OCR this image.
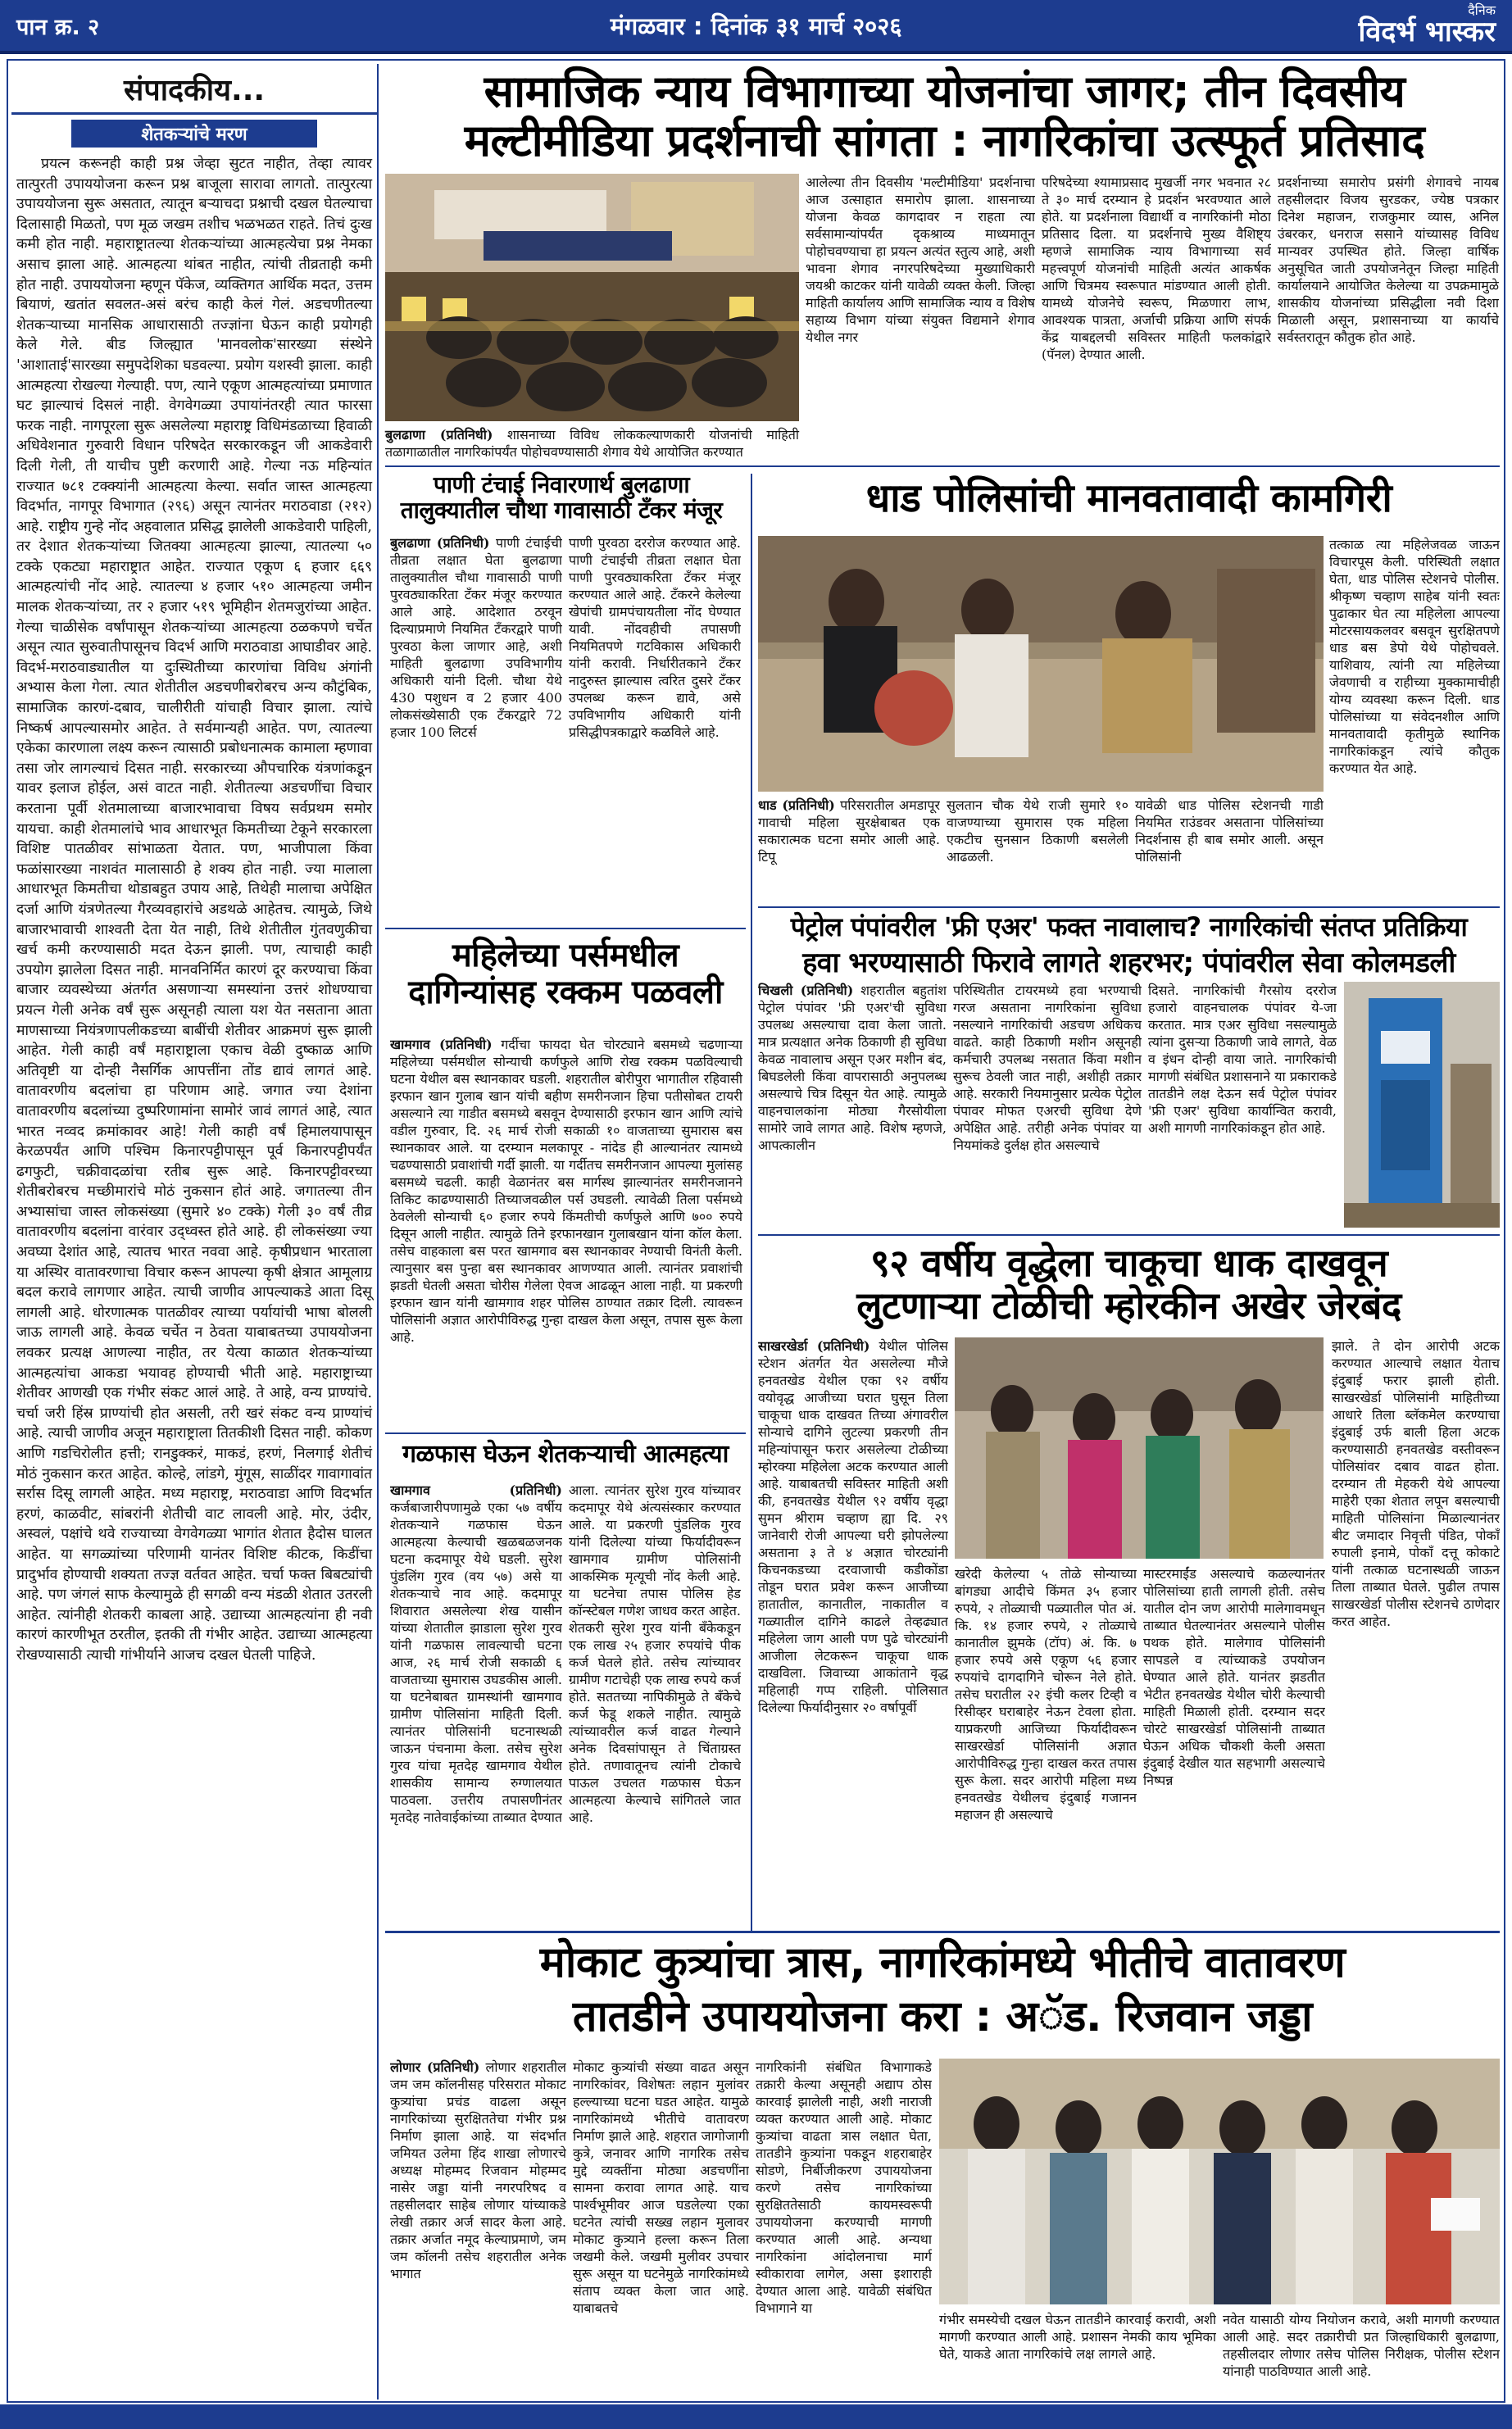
पान क्र. २	मंगळवार : दिनांक ३१ मार्च २०२६
दैनिक
विदर्भ भास्कर
संपादकीय...
शेतकऱ्यांचे मरण
प्रयत्न करूनही काही प्रश्न जेव्हा सुटत नाहीत, तेव्हा त्यावर तात्पुरती उपाययोजना करून प्रश्न बाजूला सारावा लागतो. तात्पुरत्या उपाययोजना सुरू असतात, त्यातून बऱ्याचदा प्रश्नाची दखल घेतल्याचा दिलासाही मिळतो, पण मूळ जखम तशीच भळभळत राहते. तिचं दुःख कमी होत नाही. महाराष्ट्रातल्या शेतकऱ्यांच्या आत्महत्येचा प्रश्न नेमका असाच झाला आहे. आत्महत्या थांबत नाहीत, त्यांची तीव्रताही कमी होत नाही. उपाययोजना म्हणून पॅकेज, व्यक्तिगत आर्थिक मदत, उत्तम बियाणं, खतांत सवलत-असं बरंच काही केलं गेलं. अडचणीतल्या शेतकऱ्याच्या मानसिक आधारासाठी तज्ज्ञांना घेऊन काही प्रयोगही केले गेले. बीड जिल्ह्यात 'मानवलोक'सारख्या संस्थेने 'आशाताई'सारख्या समुपदेशिका घडवल्या. प्रयोग यशस्वी झाला. काही आत्महत्या रोखल्या गेल्याही. पण, त्याने एकूण आत्महत्यांच्या प्रमाणात घट झाल्याचं दिसलं नाही. वेगवेगळ्या उपायांनंतरही त्यात फारसा फरक नाही. नागपूरला सुरू असलेल्या महाराष्ट्र विधिमंडळाच्या हिवाळी अधिवेशनात गुरुवारी विधान परिषदेत सरकारकडून जी आकडेवारी दिली गेली, ती याचीच पुष्टी करणारी आहे. गेल्या नऊ महिन्यांत राज्यात ७८१ टक्क्यांनी आत्महत्या केल्या. सर्वात जास्त आत्महत्या विदर्भात, नागपूर विभागात (२९६) असून त्यानंतर मराठवाडा (२१२) आहे. राष्ट्रीय गुन्हे नोंद अहवालात प्रसिद्ध झालेली आकडेवारी पाहिली, तर देशात शेतकऱ्यांच्या जितक्या आत्महत्या झाल्या, त्यातल्या ५० टक्के एकट्या महाराष्ट्रात आहेत. राज्यात एकूण ६ हजार ६६९ आत्महत्यांची नोंद आहे. त्यातल्या ४ हजार ५१० आत्महत्या जमीन मालक शेतकऱ्यांच्या, तर २ हजार ५१९ भूमिहीन शेतमजुरांच्या आहेत. गेल्या चाळीसेक वर्षांपासून शेतकऱ्यांच्या आत्महत्या ठळकपणे चर्चेत असून त्यात सुरुवातीपासूनच विदर्भ आणि मराठवाडा आघाडीवर आहे. विदर्भ-मराठवाड्यातील या दुःस्थितीच्या कारणांचा विविध अंगांनी अभ्यास केला गेला. त्यात शेतीतील अडचणीबरोबरच अन्य कौटुंबिक, सामाजिक कारणं-दबाव, चालीरीती यांचाही विचार झाला. त्यांचे निष्कर्ष आपल्यासमोर आहेत. ते सर्वमान्यही आहेत. पण, त्यातल्या एकेका कारणाला लक्ष्य करून त्यासाठी प्रबोधनात्मक कामाला म्हणावा तसा जोर लागल्याचं दिसत नाही. सरकारच्या औपचारिक यंत्रणांकडून यावर इलाज होईल, असं वाटत नाही. शेतीतल्या अडचणींचा विचार करताना पूर्वी शेतमालाच्या बाजारभावाचा विषय सर्वप्रथम समोर यायचा. काही शेतमालांचे भाव आधारभूत किमतीच्या टेकूने सरकारला विशिष्ट पातळीवर सांभाळता येतात. पण, भाजीपाला किंवा फळांसारख्या नाशवंत मालासाठी हे शक्य होत नाही. ज्या मालाला आधारभूत किमतीचा थोडाबहुत उपाय आहे, तिथेही मालाचा अपेक्षित दर्जा आणि यंत्रणेतल्या गैरव्यवहारांचे अडथळे आहेतच. त्यामुळे, जिथे बाजारभावाची शाश्वती देता येत नाही, तिथे शेतीतील गुंतवणुकीचा खर्च कमी करण्यासाठी मदत देऊन झाली. पण, त्याचाही काही उपयोग झालेला दिसत नाही. मानवनिर्मित कारणं दूर करण्याचा किंवा बाजार व्यवस्थेच्या अंतर्गत असणाऱ्या समस्यांना उत्तरं शोधण्याचा प्रयत्न गेली अनेक वर्षं सुरू असूनही त्याला यश येत नसताना आता माणसाच्या नियंत्रणापलीकडच्या बाबींची शेतीवर आक्रमणं सुरू झाली आहेत. गेली काही वर्षं महाराष्ट्राला एकाच वेळी दुष्काळ आणि अतिवृष्टी या दोन्ही नैसर्गिक आपत्तींना तोंड द्यावं लागतं आहे. वातावरणीय बदलांचा हा परिणाम आहे. जगात ज्या देशांना वातावरणीय बदलांच्या दुष्परिणामांना सामोरं जावं लागतं आहे, त्यात भारत नव्वद क्रमांकावर आहे! गेली काही वर्षं हिमालयापासून केरळपर्यंत आणि पश्चिम किनारपट्टीपासून पूर्व किनारपट्टीपर्यंत ढगफुटी, चक्रीवादळांचा रतीब सुरू आहे. किनारपट्टीवरच्या शेतीबरोबरच मच्छीमारांचे मोठं नुकसान होतं आहे. जगातल्या तीन अभ्यासांचा जास्त लोकसंख्या (सुमारे ४० टक्के) गेली ३० वर्षं तीव्र वातावरणीय बदलांना वारंवार उद्ध्वस्त होते आहे. ही लोकसंख्या ज्या अवघ्या देशांत आहे, त्यातच भारत नववा आहे. कृषीप्रधान भारताला या अस्थिर वातावरणाचा विचार करून आपल्या कृषी क्षेत्रात आमूलाग्र बदल करावे लागणार आहेत. त्याची जाणीव आपल्याकडे आता दिसू लागली आहे. धोरणात्मक पातळीवर त्याच्या पर्यायांची भाषा बोलली जाऊ लागली आहे. केवळ चर्चेत न ठेवता याबाबतच्या उपाययोजना लवकर प्रत्यक्ष आणल्या नाहीत, तर येत्या काळात शेतकऱ्यांच्या आत्महत्यांचा आकडा भयावह होण्याची भीती आहे. महाराष्ट्राच्या शेतीवर आणखी एक गंभीर संकट आलं आहे. ते आहे, वन्य प्राण्यांचे. चर्चा जरी हिंस्र प्राण्यांची होत असली, तरी खरं संकट वन्य प्राण्यांचं आहे. त्याची जाणीव अजून महाराष्ट्राला तितकीशी दिसत नाही. कोकण आणि गडचिरोलीत हत्ती; रानडुक्करं, माकडं, हरणं, निलगाई शेतीचं मोठं नुकसान करत आहेत. कोल्हे, लांडगे, मुंगूस, साळींदर गावागावांत सर्रास दिसू लागली आहेत. मध्य महाराष्ट्र, मराठवाडा आणि विदर्भात हरणं, काळवीट, सांबरांनी शेतीची वाट लावली आहे. मोर, उंदीर, अस्वलं, पक्षांचे थवे राज्याच्या वेगवेगळ्या भागांत शेतात हैदोस घालत आहेत. या सगळ्यांच्या परिणामी यानंतर विशिष्ट कीटक, किडींचा प्रादुर्भाव होण्याची शक्यता तज्ज्ञ वर्तवत आहेत. चर्चा फक्त बिबट्यांची आहे. पण जंगलं साफ केल्यामुळे ही सगळी वन्य मंडळी शेतात उतरली आहेत. त्यांनीही शेतकरी काबला आहे. उद्याच्या आत्महत्यांना ही नवी कारणं कारणीभूत ठरतील, इतकी ती गंभीर आहेत. उद्याच्या आत्महत्या रोखण्यासाठी त्याची गांभीर्याने आजच दखल घेतली पाहिजे.
सामाजिक न्याय विभागाच्या योजनांचा जागर; तीन दिवसीय
मल्टीमीडिया प्रदर्शनाची सांगता : नागरिकांचा उत्स्फूर्त प्रतिसाद
बुलढाणा (प्रतिनिधी) शासनाच्या विविध लोककल्याणकारी योजनांची माहिती तळागाळातील नागरिकांपर्यंत पोहोचवण्यासाठी शेगाव येथे आयोजित करण्यात
आलेल्या तीन दिवसीय 'मल्टीमीडिया' प्रदर्शनाचा आज उत्साहात समारोप झाला. शासनाच्या योजना केवळ कागदावर न राहता त्या सर्वसामान्यांपर्यंत दृकश्राव्य माध्यमातून पोहोचवण्याचा हा प्रयत्न अत्यंत स्तुत्य आहे, अशी भावना शेगाव नगरपरिषदेच्या मुख्याधिकारी जयश्री काटकर यांनी यावेळी व्यक्त केली. जिल्हा माहिती कार्यालय आणि सामाजिक न्याय व विशेष सहाय्य विभाग यांच्या संयुक्त विद्यमाने शेगाव येथील नगर
परिषदेच्या श्यामाप्रसाद मुखर्जी नगर भवनात २८ ते ३० मार्च दरम्यान हे प्रदर्शन भरवण्यात आले होते. या प्रदर्शनाला विद्यार्थी व नागरिकांनी मोठा प्रतिसाद दिला. या प्रदर्शनाचे मुख्य वैशिष्ट्य म्हणजे सामाजिक न्याय विभागाच्या सर्व महत्त्वपूर्ण योजनांची माहिती अत्यंत आकर्षक आणि चित्रमय स्वरूपात मांडण्यात आली होती. यामध्ये योजनेचे स्वरूप, मिळणारा लाभ, आवश्यक पात्रता, अर्जाची प्रक्रिया आणि संपर्क केंद्र याबद्दलची सविस्तर माहिती फलकांद्वारे (पॅनल) देण्यात आली.
प्रदर्शनाच्या समारोप प्रसंगी शेगावचे नायब तहसीलदार विजय सुरडकर, ज्येष्ठ पत्रकार दिनेश महाजन, राजकुमार व्यास, अनिल उंबरकर, धनराज ससाने यांच्यासह विविध मान्यवर उपस्थित होते. जिल्हा वार्षिक अनुसूचित जाती उपयोजनेतून जिल्हा माहिती कार्यालयाने आयोजित केलेल्या या उपक्रमामुळे शासकीय योजनांच्या प्रसिद्धीला नवी दिशा मिळाली असून, प्रशासनाच्या या कार्याचे सर्वस्तरातून कौतुक होत आहे.
पाणी टंचाई निवारणार्थ बुलढाणा तालुक्यातील चौथा गावासाठी टँकर मंजूर
बुलढाणा (प्रतिनिधी) पाणी टंचाईची तीव्रता लक्षात घेता बुलढाणा तालुक्यातील चौथा गावासाठी पाणी पुरवठ्याकरिता टँकर मंजूर करण्यात आले आहे. आदेशात ठरवून दिल्याप्रमाणे नियमित टँकरद्वारे पाणी पुरवठा केला जाणार आहे, अशी माहिती बुलढाणा उपविभागीय अधिकारी यांनी दिली. चौथा येथे 430 पशुधन व 2 हजार 400 लोकसंख्येसाठी एक टँकरद्वारे 72 हजार 100 लिटर्स
पाणी पुरवठा दररोज करण्यात आहे. पाणी टंचाईची तीव्रता लक्षात घेता पाणी पुरवठ्याकरिता टँकर मंजूर करण्यात आले आहे. टँकरने केलेल्या खेपांची ग्रामपंचायतीला नोंद घेण्यात यावी. नोंदवहीची तपासणी नियमितपणे गटविकास अधिकारी यांनी करावी. निर्धारीतकाने टँकर नादुरुस्त झाल्यास त्वरित दुसरे टँकर उपलब्ध करून द्यावे, असे उपविभागीय अधिकारी यांनी प्रसिद्धीपत्रकाद्वारे कळविले आहे.
महिलेच्या पर्समधील
दागिन्यांसह रक्कम पळवली
खामगाव (प्रतिनिधी) गर्दीचा फायदा घेत चोरट्याने बसमध्ये चढणाऱ्या महिलेच्या पर्समधील सोन्याची कर्णफुले आणि रोख रक्कम पळविल्याची घटना येथील बस स्थानकावर घडली. शहरातील बोरीपुरा भागातील रहिवासी इरफान खान गुलाब खान यांची बहीण समरीनजान हिचा पतीसोबत टायरी असल्याने त्या गाडीत बसमध्ये बसवून देण्यासाठी इरफान खान आणि त्यांचे वडील गुरुवार, दि. २६ मार्च रोजी सकाळी १० वाजताच्या सुमारास बस स्थानकावर आले. या दरम्यान मलकापूर - नांदेड ही आल्यानंतर त्यामध्ये चढण्यासाठी प्रवाशांची गर्दी झाली. या गर्दीतच समरीनजान आपल्या मुलांसह बसमध्ये चढली. काही वेळानंतर बस मार्गस्थ झाल्यानंतर समरीनजानने तिकिट काढण्यासाठी तिच्याजवळील पर्स उघडली. त्यावेळी तिला पर्समध्ये ठेवलेली सोन्याची ६० हजार रुपये किंमतीची कर्णफुले आणि ७०० रुपये दिसून आली नाहीत. त्यामुळे तिने इरफानखान गुलाबखान यांना कॉल केला. तसेच वाहकाला बस परत खामगाव बस स्थानकावर नेण्याची विनंती केली. त्यानुसार बस पुन्हा बस स्थानकावर आणण्यात आली. त्यानंतर प्रवाशांची झडती घेतली असता चोरीस गेलेला ऐवज आढळून आला नाही. या प्रकरणी इरफान खान यांनी खामगाव शहर पोलिस ठाण्यात तक्रार दिली. त्यावरून पोलिसांनी अज्ञात आरोपीविरुद्ध गुन्हा दाखल केला असून, तपास सुरू केला आहे.
गळफास घेऊन शेतकऱ्याची आत्महत्या
खामगाव (प्रतिनिधी) कर्जबाजारीपणामुळे एका ५७ वर्षीय शेतकऱ्याने गळफास घेऊन आत्महत्या केल्याची खळबळजनक घटना कदमापूर येथे घडली. सुरेश पुंडलिंग गुरव (वय ५७) असे या शेतकऱ्याचे नाव आहे. कदमापूर शिवारात असलेल्या शेख यासीन यांच्या शेतातील झाडाला सुरेश गुरव यांनी गळफास लावल्याची घटना आज, २६ मार्च रोजी सकाळी ६ वाजताच्या सुमारास उघडकीस आली. या घटनेबाबत ग्रामस्थांनी खामगाव ग्रामीण पोलिसांना माहिती दिली. त्यानंतर पोलिसांनी घटनास्थळी जाऊन पंचनामा केला. तसेच सुरेश गुरव यांचा मृतदेह खामगाव येथील शासकीय सामान्य रुग्णालयात पाठवला. उत्तरीय तपासणीनंतर मृतदेह नातेवाईकांच्या ताब्यात देण्यात
आला. त्यानंतर सुरेश गुरव यांच्यावर कदमापूर येथे अंत्यसंस्कार करण्यात आले. या प्रकरणी पुंडलिक गुरव यांनी दिलेल्या यांच्या फिर्यादीवरून खामगाव ग्रामीण पोलिसांनी आकस्मिक मृत्यूची नोंद केली आहे. या घटनेचा तपास पोलिस हेड कॉन्स्टेबल गणेश जाधव करत आहेत. शेतकरी सुरेश गुरव यांनी बँकेकडून एक लाख २५ हजार रुपयांचे पीक कर्ज घेतले होते. तसेच त्यांच्यावर ग्रामीण गटाचेही एक लाख रुपये कर्ज होते. सततच्या नापिकीमुळे ते बँकेचे कर्ज फेडू शकले नाहीत. त्यामुळे त्यांच्यावरील कर्ज वाढत गेल्याने अनेक दिवसांपासून ते चिंताग्रस्त होते. तणावातूनच त्यांनी टोकाचे पाऊल उचलत गळफास घेऊन आत्महत्या केल्याचे सांगितले जात आहे.
धाड पोलिसांची मानवतावादी कामगिरी
धाड (प्रतिनिधी) परिसरातील अमडापूर गावाची महिला सुरक्षेबाबत एक सकारात्मक घटना समोर आली आहे. टिपू
सुलतान चौक येथे राजी सुमारे १० वाजण्याच्या सुमारास एक महिला एकटीच सुनसान ठिकाणी बसलेली आढळली.
यावेळी धाड पोलिस स्टेशनची गाडी नियमित राउंडवर असताना पोलिसांच्या निदर्शनास ही बाब समोर आली. असून पोलिसांनी
तत्काळ त्या महिलेजवळ जाऊन विचारपूस केली. परिस्थिती लक्षात घेता, धाड पोलिस स्टेशनचे पोलीस. श्रीकृष्ण चव्हाण साहेब यांनी स्वतः पुढाकार घेत त्या महिलेला आपल्या मोटरसायकलवर बसवून सुरक्षितपणे धाड बस डेपो येथे पोहोचवले. याशिवाय, त्यांनी त्या महिलेच्या जेवणाची व राहीच्या मुक्कामाचीही योग्य व्यवस्था करून दिली. धाड पोलिसांच्या या संवेदनशील आणि मानवतावादी कृतीमुळे स्थानिक नागरिकांकडून त्यांचे कौतुक करण्यात येत आहे.
पेट्रोल पंपांवरील 'फ्री एअर' फक्त नावालाच? नागरिकांची संतप्त प्रतिक्रिया
हवा भरण्यासाठी फिरावे लागते शहरभर; पंपांवरील सेवा कोलमडली
चिखली (प्रतिनिधी) शहरातील बहुतांश पेट्रोल पंपांवर 'फ्री एअर'ची सुविधा उपलब्ध असल्याचा दावा केला जातो. मात्र प्रत्यक्षात अनेक ठिकाणी ही सुविधा केवळ नावालाच असून एअर मशीन बंद, बिघडलेली किंवा वापरासाठी अनुपलब्ध असल्याचे चित्र दिसून येत आहे. त्यामुळे वाहनचालकांना मोठ्या गैरसोयीला सामोरे जावे लागत आहे. विशेष म्हणजे, आपत्कालीन
परिस्थितीत टायरमध्ये हवा भरण्याची गरज असताना नागरिकांना सुविधा नसल्याने नागरिकांची अडचण अधिकच वाढते. काही ठिकाणी मशीन असूनही कर्मचारी उपलब्ध नसतात किंवा मशीन सुरूच ठेवली जात नाही, अशीही तक्रार आहे. सरकारी नियमानुसार प्रत्येक पेट्रोल पंपावर मोफत एअरची सुविधा देणे अपेक्षित आहे. तरीही अनेक पंपांवर या नियमांकडे दुर्लक्ष होत असल्याचे
दिसते. नागरिकांची गैरसोय दररोज हजारो वाहनचालक पंपांवर ये-जा करतात. मात्र एअर सुविधा नसल्यामुळे त्यांना दुसऱ्या ठिकाणी जावे लागते, वेळ व इंधन दोन्ही वाया जाते. नागरिकांची मागणी संबंधित प्रशासनाने या प्रकाराकडे तातडीने लक्ष देऊन सर्व पेट्रोल पंपांवर 'फ्री एअर' सुविधा कार्यान्वित करावी, अशी मागणी नागरिकांकडून होत आहे.
९२ वर्षीय वृद्धेला चाकूचा धाक दाखवून
लुटणाऱ्या टोळीची म्होरकीन अखेर जेरबंद
साखरखेर्डा (प्रतिनिधी) येथील पोलिस स्टेशन अंतर्गत येत असलेल्या मौजे हनवतखेड येथील एका ९२ वर्षीय वयोवृद्ध आजीच्या घरात घुसून तिला चाकूचा धाक दाखवत तिच्या अंगावरील सोन्याचे दागिने लुटल्या प्रकरणी तीन महिन्यांपासून फरार असलेल्या टोळीच्या म्होरक्या महिलेला अटक करण्यात आली आहे. याबाबतची सविस्तर माहिती अशी की, हनवतखेड येथील ९२ वर्षीय वृद्धा सुमन श्रीराम चव्हाण ह्या दि. २९ जानेवारी रोजी आपल्या घरी झोपलेल्या असताना ३ ते ४ अज्ञात चोरट्यांनी किचनकडच्या दरवाजाची कडीकोंडा तोडून घरात प्रवेश करून आजीच्या हातातील, कानातील, नाकातील व गळ्यातील दागिने काढले तेव्हढ्यात महिलेला जाग आली पण पुढे चोरट्यांनी आजीला लेटकरून चाकूचा धाक दाखविला. जिवाच्या आकांताने वृद्ध महिलाही गप्प राहिली. पोलिसात दिलेल्या फिर्यादीनुसार २० वर्षापूर्वी
खरेदी केलेल्या ५ तोळे सोन्याच्या बांगड्या आदीचे किंमत ३५ हजार रुपये, २ तोळ्याची पळ्यातील पोत अं. कि. १४ हजार रुपये, २ तोळ्याचे कानातील झुमके (टॉप) अं. कि. ७ हजार रुपये असे एकूण ५६ हजार रुपयांचे दागदागिने चोरून नेले होते. तसेच घरातील २२ इंची कलर टिव्ही व रिसीव्हर घराबाहेर नेऊन टेवला होता. याप्रकरणी आजिच्या फिर्यादीवरून साखरखेर्डा पोलिसांनी अज्ञात आरोपीविरुद्ध गुन्हा दाखल करत तपास सुरू केला. सदर आरोपी महिला मध्य हनवतखेड येथीलच इंदुबाई गजानन महाजन ही असल्याचे
मास्टरमाईंड असल्याचे कळल्यानंतर पोलिसांच्या हाती लागली होती. तसेच यातील दोन जण आरोपी मालेगावमधून ताब्यात घेतल्यानंतर असल्याने पोलीस पथक होते. मालेगाव पोलिसांनी सापडले व त्यांच्याकडे उपयोजन घेण्यात आले होते. यानंतर झडतीत भेटीत हनवतखेड येथील चोरी केल्याची माहिती मिळाली होती. दरम्यान सदर चोरटे साखरखेर्डा पोलिसांनी ताब्यात घेऊन अधिक चौकशी केली असता इंदुबाई देखील यात सहभागी असल्याचे निष्पन्न
झाले. ते दोन आरोपी अटक करण्यात आल्याचे लक्षात येताच इंदुबाई फरार झाली होती. साखरखेर्डा पोलिसांनी माहितीच्या आधारे तिला ब्लॅकमेल करण्याचा इंदुबाई उर्फ बाली हिला अटक करण्यासाठी हनवतखेड वस्तीवरून पोलिसांवर दबाव वाढत होता. दरम्यान ती मेहकरी येथे आपल्या माहेरी एका शेतात लपून बसल्याची माहिती पोलिसांना मिळाल्यानंतर बीट जमादार निवृत्ती पंडित, पोकॉं रुपाली इनामे, पोकॉं दत्तू कोकाटे यांनी तत्काळ घटनास्थळी जाऊन तिला ताब्यात घेतले. पुढील तपास साखरखेर्डा पोलीस स्टेशनचे ठाणेदार करत आहेत.
मोकाट कुत्र्यांचा त्रास, नागरिकांमध्ये भीतीचे वातावरण
तातडीने उपाययोजना करा : अॅड. रिजवान जड्डा
लोणार (प्रतिनिधी) लोणार शहरातील जम जम कॉलनीसह परिसरात मोकाट कुत्र्यांचा प्रचंड वाढला असून नागरिकांच्या सुरक्षिततेचा गंभीर प्रश्न निर्माण झाला आहे. या संदर्भात जमियत उलेमा हिंद शाखा लोणारचे अध्यक्ष मोहम्मद रिजवान मोहम्मद नासेर जड्डा यांनी नगरपरिषद व तहसीलदार साहेब लोणार यांच्याकडे लेखी तक्रार अर्ज सादर केला आहे. तक्रार अर्जात नमूद केल्याप्रमाणे, जम जम कॉलनी तसेच शहरातील अनेक भागात
मोकाट कुत्र्यांची संख्या वाढत असून नागरिकांवर, विशेषतः लहान मुलांवर हल्ल्याच्या घटना घडत आहेत. यामुळे नागरिकांमध्ये भीतीचे वातावरण निर्माण झाले आहे. शहरात जागोजागी कुत्रे, जनावर आणि नागरिक तसेच मुद्दे व्यक्तींना मोठ्या अडचणींना सामना करावा लागत आहे. याच पार्श्वभूमीवर आज घडलेल्या एका घटनेत त्यांची सख्ख लहान मुलावर मोकाट कुत्र्याने हल्ला करून तिला जखमी केले. जखमी मुलीवर उपचार सुरू असून या घटनेमुळे नागरिकांमध्ये संताप व्यक्त केला जात आहे. याबाबतचे
नागरिकांनी संबंधित विभागाकडे तक्रारी केल्या असूनही अद्याप ठोस कारवाई झालेली नाही, अशी नाराजी व्यक्त करण्यात आली आहे. मोकाट कुत्र्यांचा वाढता त्रास लक्षात घेता, तातडीने कुत्र्यांना पकडून शहराबाहेर सोडणे, निर्बीजीकरण उपाययोजना करणे तसेच नागरिकांच्या सुरक्षिततेसाठी कायमस्वरूपी उपाययोजना करण्याची मागणी करण्यात आली आहे. अन्यथा नागरिकांना आंदोलनाचा मार्ग स्वीकारावा लागेल, असा इशाराही देण्यात आला आहे. यावेळी संबंधित विभागाने या
गंभीर समस्येची दखल घेऊन तातडीने कारवाई करावी, अशी मागणी करण्यात आली आहे. प्रशासन नेमकी काय भूमिका घेते, याकडे आता नागरिकांचे लक्ष लागले आहे.
नवेत यासाठी योग्य नियोजन करावे, अशी मागणी करण्यात आली आहे. सदर तक्रारीची प्रत जिल्हाधिकारी बुलढाणा, तहसीलदार लोणार तसेच पोलिस निरीक्षक, पोलीस स्टेशन यांनाही पाठविण्यात आली आहे.
